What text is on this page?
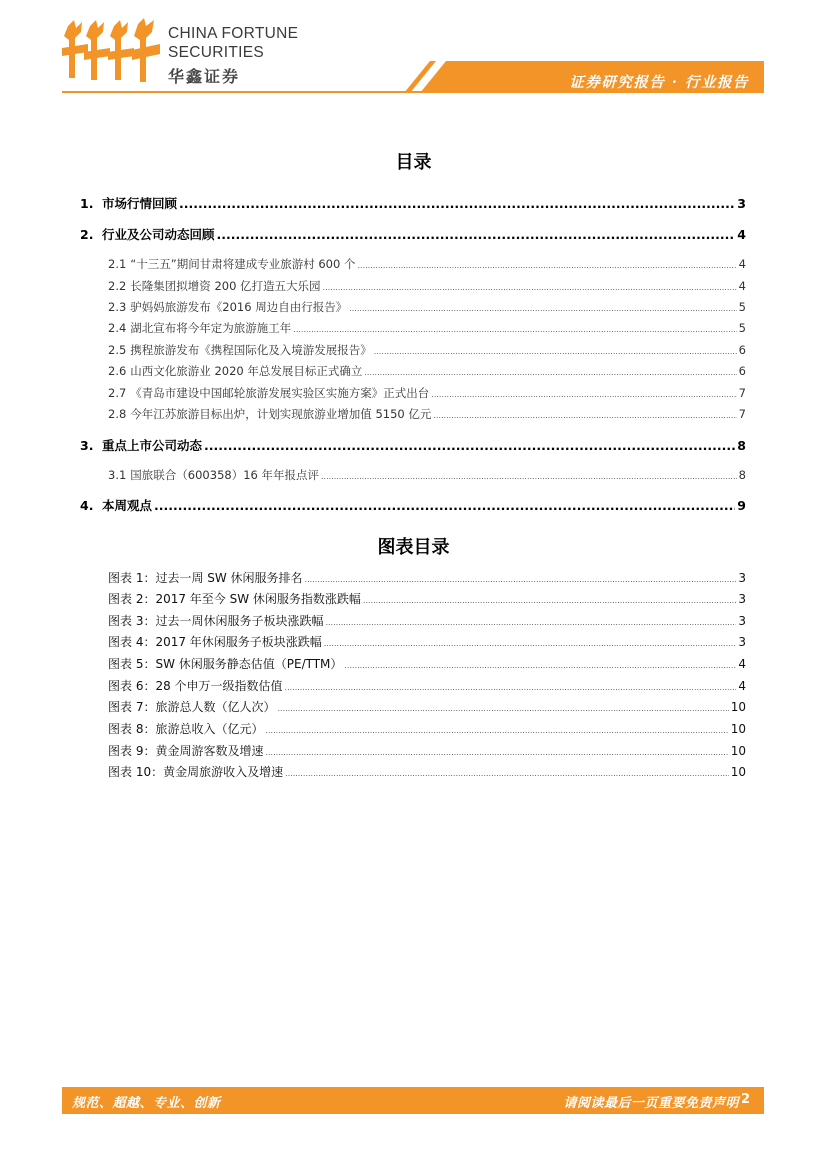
CHINA FORTUNE
SECURITIES
华鑫证券	证券研究报告 · 行业报告
目录
1. 市场行情回顾 .....	3
2. 行业及公司动态回顾 .....	4
2.1 “十三五”期间甘肃将建成专业旅游村 600 个 .....	4
2.2 长隆集团拟增资 200 亿打造五大乐园 .....	4
2.3 驴妈妈旅游发布《2016 周边自由行报告》 .....	5
2.4 湖北宣布将今年定为旅游施工年 .....	5
2.5 携程旅游发布《携程国际化及入境游发展报告》 .....	6
2.6 山西文化旅游业 2020 年总发展目标正式确立 .....	6
2.7 《青岛市建设中国邮轮旅游发展实验区实施方案》正式出台 .....	7
2.8 今年江苏旅游目标出炉，计划实现旅游业增加值 5150 亿元 .....	7
3. 重点上市公司动态 .....	8
3.1 国旅联合（600358）16 年年报点评 .....	8
4. 本周观点 .....	9
图表目录
图表 1：过去一周 SW 休闲服务排名 .....	3
图表 2：2017 年至今 SW 休闲服务指数涨跌幅 .....	3
图表 3：过去一周休闲服务子板块涨跌幅 .....	3
图表 4：2017 年休闲服务子板块涨跌幅 .....	3
图表 5：SW 休闲服务静态估值（PE/TTM） .....	4
图表 6：28 个申万一级指数估值 .....	4
图表 7：旅游总人数（亿人次） .....	10
图表 8：旅游总收入（亿元） .....	10
图表 9：黄金周游客数及增速 .....	10
图表 10：黄金周旅游收入及增速 .....	10
规范、超越、专业、创新	请阅读最后一页重要免责声明 2
